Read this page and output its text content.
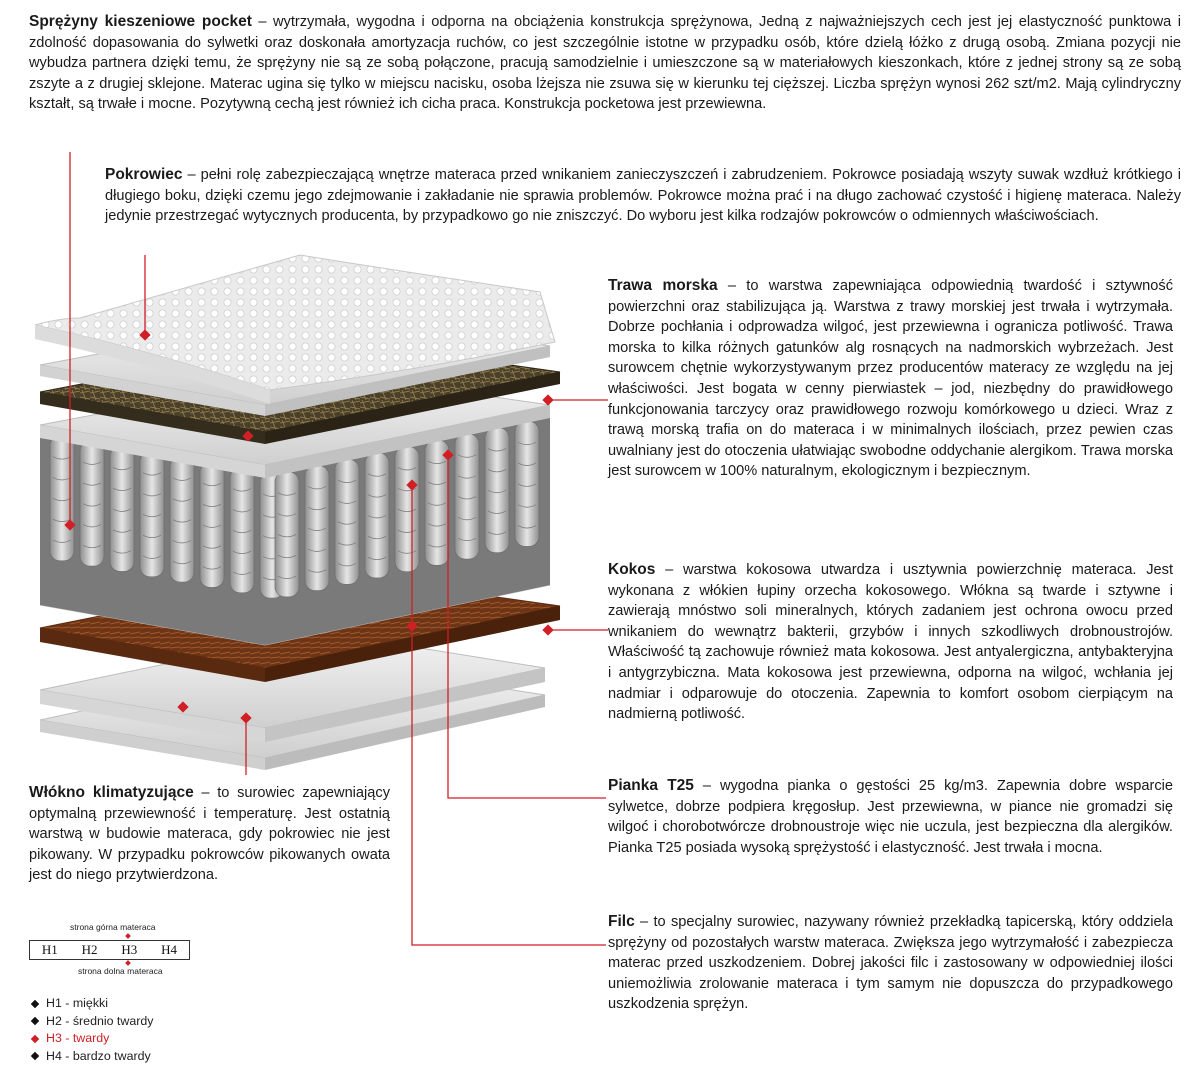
Sprężyny kieszeniowe pocket – wytrzymała, wygodna i odporna na obciążenia konstrukcja sprężynowa, Jedną z najważniejszych cech jest jej elastyczność punktowa i zdolność dopasowania do sylwetki oraz doskonała amortyzacja ruchów, co jest szczególnie istotne w przypadku osób, które dzielą łóżko z drugą osobą. Zmiana pozycji nie wybudza partnera dzięki temu, że sprężyny nie są ze sobą połączone, pracują samodzielnie i umieszczone są w materiałowych kieszonkach, które z jednej strony są ze sobą zszyte a z drugiej sklejone. Materac ugina się tylko w miejscu nacisku, osoba lżejsza nie zsuwa się w kierunku tej cięższej. Liczba sprężyn wynosi 262 szt/m2. Mają cylindryczny kształt, są trwałe i mocne. Pozytywną cechą jest również ich cicha praca. Konstrukcja pocketowa jest przewiewna.

Pokrowiec – pełni rolę zabezpieczającą wnętrze materaca przed wnikaniem zanieczyszczeń i zabrudzeniem. Pokrowce posiadają wszyty suwak wzdłuż krótkiego i długiego boku, dzięki czemu jego zdejmowanie i zakładanie nie sprawia problemów. Pokrowce można prać i na długo zachować czystość i higienę materaca. Należy jedynie przestrzegać wytycznych producenta, by przypadkowo go nie zniszczyć. Do wyboru jest kilka rodzajów pokrowców o odmiennych właściwościach.

Trawa morska – to warstwa zapewniająca odpowiednią twardość i sztywność powierzchni oraz stabilizująca ją. Warstwa z trawy morskiej jest trwała i wytrzymała. Dobrze pochłania i odprowadza wilgoć, jest przewiewna i ogranicza potliwość. Trawa morska to kilka różnych gatunków alg rosnących na nadmorskich wybrzeżach. Jest surowcem chętnie wykorzystywanym przez producentów materacy ze względu na jej właściwości. Jest bogata w cenny pierwiastek – jod, niezbędny do prawidłowego funkcjonowania tarczycy oraz prawidłowego rozwoju komórkowego u dzieci. Wraz z trawą morską trafia on do materaca i w minimalnych ilościach, przez pewien czas uwalniany jest do otoczenia ułatwiając swobodne oddychanie alergikom. Trawa morska jest surowcem w 100% naturalnym, ekologicznym i bezpiecznym.

Kokos – warstwa kokosowa utwardza i usztywnia powierzchnię materaca. Jest wykonana z włókien łupiny orzecha kokosowego. Włókna są twarde i sztywne i zawierają mnóstwo soli mineralnych, których zadaniem jest ochrona owocu przed wnikaniem do wewnątrz bakterii, grzybów i innych szkodliwych drobnoustrojów. Właściwość tą zachowuje również mata kokosowa. Jest antyalergiczna, antybakteryjna i antygrzybiczna. Mata kokosowa jest przewiewna, odporna na wilgoć, wchłania jej nadmiar i odparowuje do otoczenia. Zapewnia to komfort osobom cierpiącym na nadmierną potliwość.

Pianka T25 – wygodna pianka o gęstości 25 kg/m3. Zapewnia dobre wsparcie sylwetce, dobrze podpiera kręgosłup. Jest przewiewna, w piance nie gromadzi się wilgoć i chorobotwórcze drobnoustroje więc nie uczula, jest bezpieczna dla alergików. Pianka T25 posiada wysoką sprężystość i elastyczność. Jest trwała i mocna.

Włókno klimatyzujące – to surowiec zapewniający optymalną przewiewność i temperaturę. Jest ostatnią warstwą w budowie materaca, gdy pokrowiec nie jest pikowany. W przypadku pokrowców pikowanych owata jest do niego przytwierdzona.

Filc – to specjalny surowiec, nazywany również przekładką tapicerską, który oddziela sprężyny od pozostałych warstw materaca. Zwiększa jego wytrzymałość i zabezpiecza materac przed uszkodzeniem. Dobrej jakości filc i zastosowany w odpowiedniej ilości uniemożliwia zrolowanie materaca i tym samym nie dopuszcza do przypadkowego uszkodzenia sprężyn.

strona górna materaca
H1	H2	H3	H4
strona dolna materaca
H1 - miękki
H2 - średnio twardy
H3 - twardy
H4 - bardzo twardy
